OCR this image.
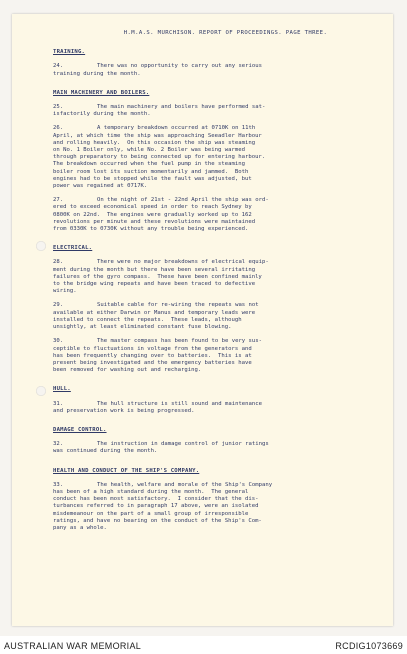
H.M.A.S. MURCHISON. REPORT OF PROCEEDINGS. PAGE THREE.
TRAINING.
24.	There was no opportunity to carry out any serious
training during the month.
MAIN MACHINERY AND BOILERS.
25.	The main machinery and boilers have performed sat-
isfactorily during the month.
26.	A temporary breakdown occurred at 0710K on 11th
April, at which time the ship was approaching Seeadler Harbour
and rolling heavily.  On this occasion the ship was steaming
on No. 1 Boiler only, while No. 2 Boiler was being warmed
through preparatory to being connected up for entering harbour.
The breakdown occurred when the fuel pump in the steaming
boiler room lost its suction momentarily and jammed.  Both
engines had to be stopped while the fault was adjusted, but
power was regained at 0717K.
27.	On the night of 21st - 22nd April the ship was ord-
ered to exceed economical speed in order to reach Sydney by
0800K on 22nd.  The engines were gradually worked up to 162
revolutions per minute and these revolutions were maintained
from 0330K to 0730K without any trouble being experienced.
ELECTRICAL.
28.	There were no major breakdowns of electrical equip-
ment during the month but there have been several irritating
failures of the gyro compass.  These have been confined mainly
to the bridge wing repeats and have been traced to defective
wiring.
29.	Suitable cable for re-wiring the repeats was not
available at either Darwin or Manus and temporary leads were
installed to connect the repeats.  These leads, although
unsightly, at least eliminated constant fuse blowing.
30.	The master compass has been found to be very sus-
ceptible to fluctuations in voltage from the generators and
has been frequently changing over to batteries.  This is at
present being investigated and the emergency batteries have
been removed for washing out and recharging.
HULL.
31.	The hull structure is still sound and maintenance
and preservation work is being progressed.
DAMAGE CONTROL.
32.	The instruction in damage control of junior ratings
was continued during the month.
HEALTH AND CONDUCT OF THE SHIP'S COMPANY.
33.	The health, welfare and morale of the Ship's Company
has been of a high standard during the month.  The general
conduct has been most satisfactory.  I consider that the dis-
turbances referred to in paragraph 17 above, were an isolated
misdemeanour on the part of a small group of irresponsible
ratings, and have no bearing on the conduct of the Ship's Com-
pany as a whole.
AUSTRALIAN WAR MEMORIAL	RCDIG1073669
